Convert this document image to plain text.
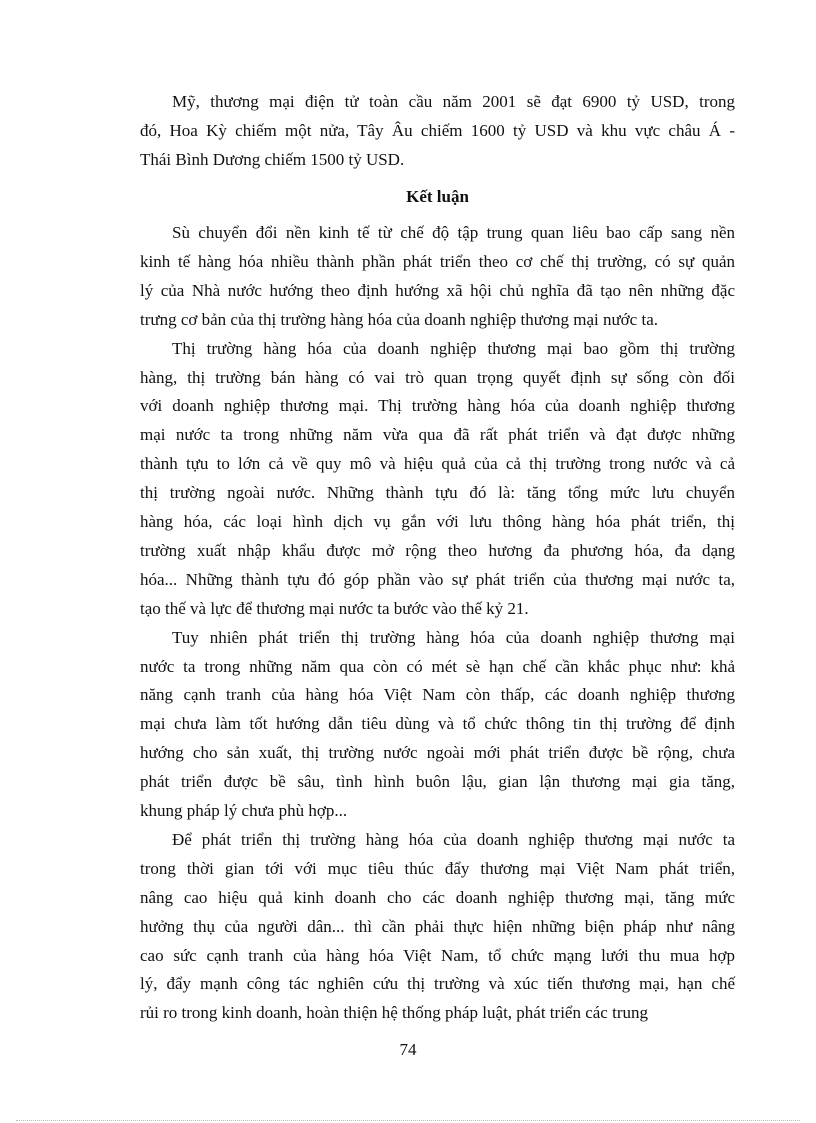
Mỹ, thương mại điện tử toàn cầu năm 2001 sẽ đạt 6900 tỷ USD, trong
đó, Hoa Kỳ chiếm một nửa, Tây Âu chiếm 1600 tỷ USD và khu vực châu Á -
Thái Bình Dương chiếm 1500 tỷ USD.
Kết luận
Sù chuyển đổi nền kinh tế từ chế độ tập trung quan liêu bao cấp sang nền
kinh tế hàng hóa nhiều thành phần phát triển theo cơ chế thị trường, có sự quản
lý của Nhà nước hướng theo định hướng xã hội chủ nghĩa đã tạo nên những đặc
trưng cơ bản của thị trường hàng hóa của doanh nghiệp thương mại nước ta.
Thị trường hàng hóa của doanh nghiệp thương mại bao gồm thị trường
hàng, thị trường bán hàng có vai trò quan trọng quyết định sự sống còn đối
với doanh nghiệp thương mại. Thị trường hàng hóa của doanh nghiệp thương
mại nước ta trong những năm vừa qua đã rất phát triển và đạt được những
thành tựu to lớn cả về quy mô và hiệu quả của cả thị trường trong nước và cả
thị trường ngoài nước. Những thành tựu đó là: tăng tổng mức lưu chuyển
hàng hóa, các loại hình dịch vụ gắn với lưu thông hàng hóa phát triển, thị
trường xuất nhập khẩu được mở rộng theo hương đa phương hóa, đa dạng
hóa... Những thành tựu đó góp phần vào sự phát triển của thương mại nước ta,
tạo thế và lực để thương mại nước ta bước vào thế kỷ 21.
Tuy nhiên phát triển thị trường hàng hóa của doanh nghiệp thương mại
nước ta trong những năm qua còn có mét sè hạn chế cần khắc phục như: khả
năng cạnh tranh của hàng hóa Việt Nam còn thấp, các doanh nghiệp thương
mại chưa làm tốt hướng dẫn tiêu dùng và tổ chức thông tin thị trường để định
hướng cho sản xuất, thị trường nước ngoài mới phát triển được bề rộng, chưa
phát triển được bề sâu, tình hình buôn lậu, gian lận thương mại gia tăng,
khung pháp lý chưa phù hợp...
Để phát triển thị trường hàng hóa của doanh nghiệp thương mại nước ta
trong thời gian tới với mục tiêu thúc đẩy thương mại Việt Nam phát triển,
nâng cao hiệu quả kinh doanh cho các doanh nghiệp thương mại, tăng mức
hưởng thụ của người dân... thì cần phải thực hiện những biện pháp như nâng
cao sức cạnh tranh của hàng hóa Việt Nam, tổ chức mạng lưới thu mua hợp
lý, đẩy mạnh công tác nghiên cứu thị trường và xúc tiến thương mại, hạn chế
rủi ro trong kinh doanh, hoàn thiện hệ thống pháp luật, phát triển các trung
74
